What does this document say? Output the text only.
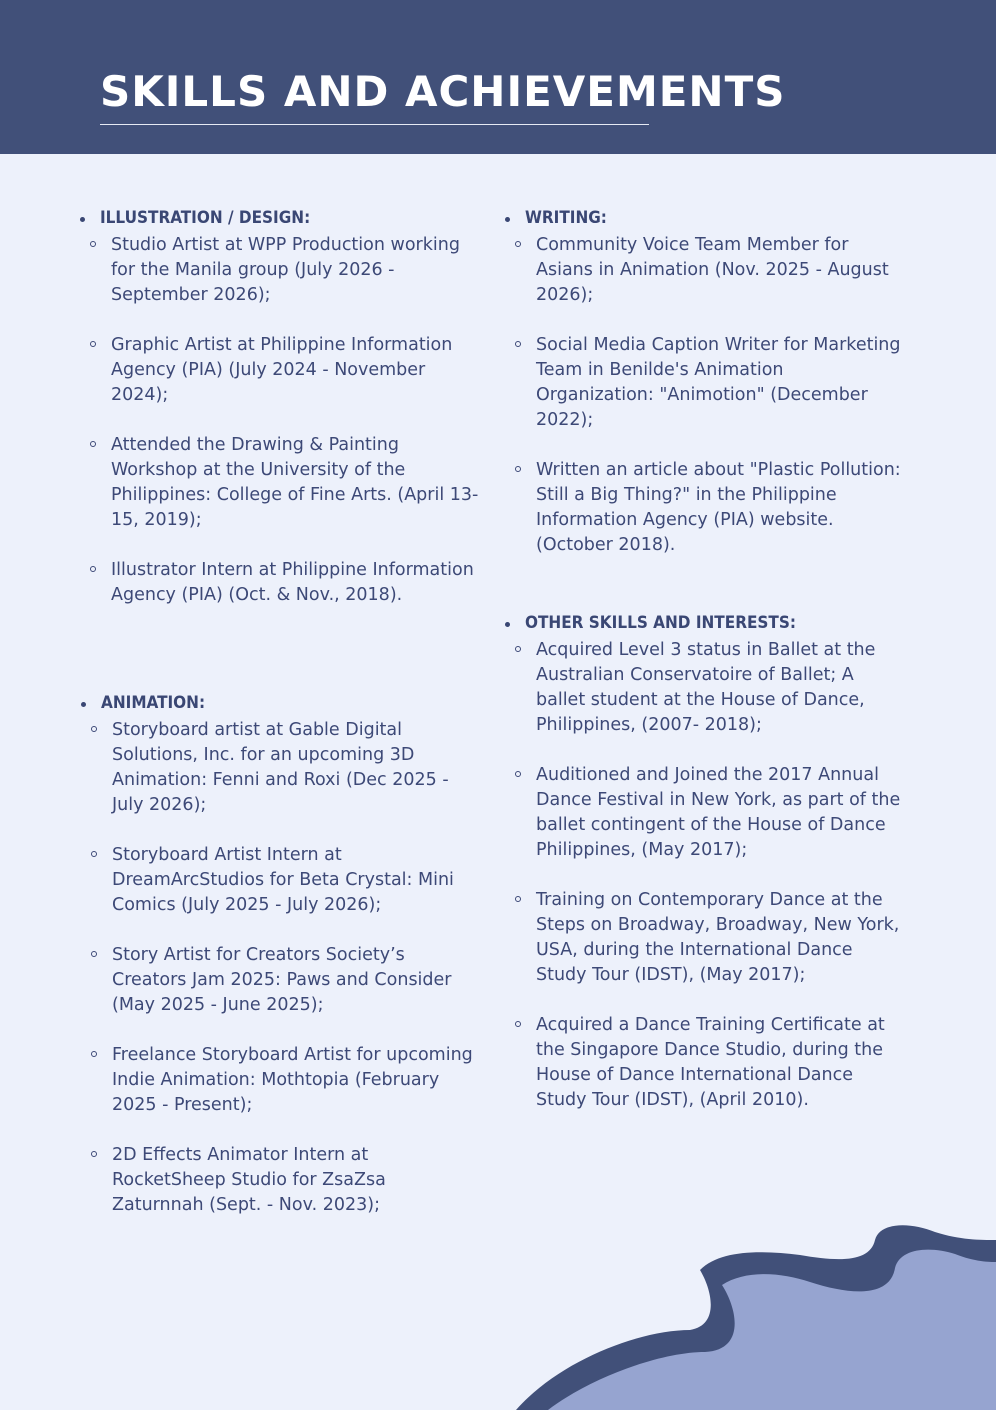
SKILLS AND ACHIEVEMENTS
ILLUSTRATION / DESIGN:
Studio Artist at WPP Production working for the Manila group (July 2026 - September 2026);
Graphic Artist at Philippine Information Agency (PIA) (July 2024 - November 2024);
Attended the Drawing & Painting Workshop at the University of the Philippines: College of Fine Arts. (April 13-15, 2019);
Illustrator Intern at Philippine Information Agency (PIA) (Oct. & Nov., 2018).
ANIMATION:
Storyboard artist at Gable Digital Solutions, Inc. for an upcoming 3D Animation: Fenni and Roxi (Dec 2025 - July 2026);
Storyboard Artist Intern at DreamArcStudios for Beta Crystal: Mini Comics (July 2025 - July 2026);
Story Artist for Creators Society’s Creators Jam 2025: Paws and Consider (May 2025 - June 2025);
Freelance Storyboard Artist for upcoming Indie Animation: Mothtopia (February 2025 - Present);
2D Effects Animator Intern at RocketSheep Studio for ZsaZsa Zaturnnah (Sept. - Nov. 2023);
WRITING:
Community Voice Team Member for Asians in Animation (Nov. 2025 - August 2026);
Social Media Caption Writer for Marketing Team in Benilde's Animation Organization: "Animotion" (December 2022);
Written an article about "Plastic Pollution: Still a Big Thing?" in the Philippine Information Agency (PIA) website. (October 2018).
OTHER SKILLS AND INTERESTS:
Acquired Level 3 status in Ballet at the Australian Conservatoire of Ballet; A ballet student at the House of Dance, Philippines, (2007- 2018);
Auditioned and Joined the 2017 Annual Dance Festival in New York, as part of the ballet contingent of the House of Dance Philippines, (May 2017);
Training on Contemporary Dance at the Steps on Broadway, Broadway, New York, USA, during the International Dance Study Tour (IDST), (May 2017);
Acquired a Dance Training Certificate at the Singapore Dance Studio, during the House of Dance International Dance Study Tour (IDST), (April 2010).
